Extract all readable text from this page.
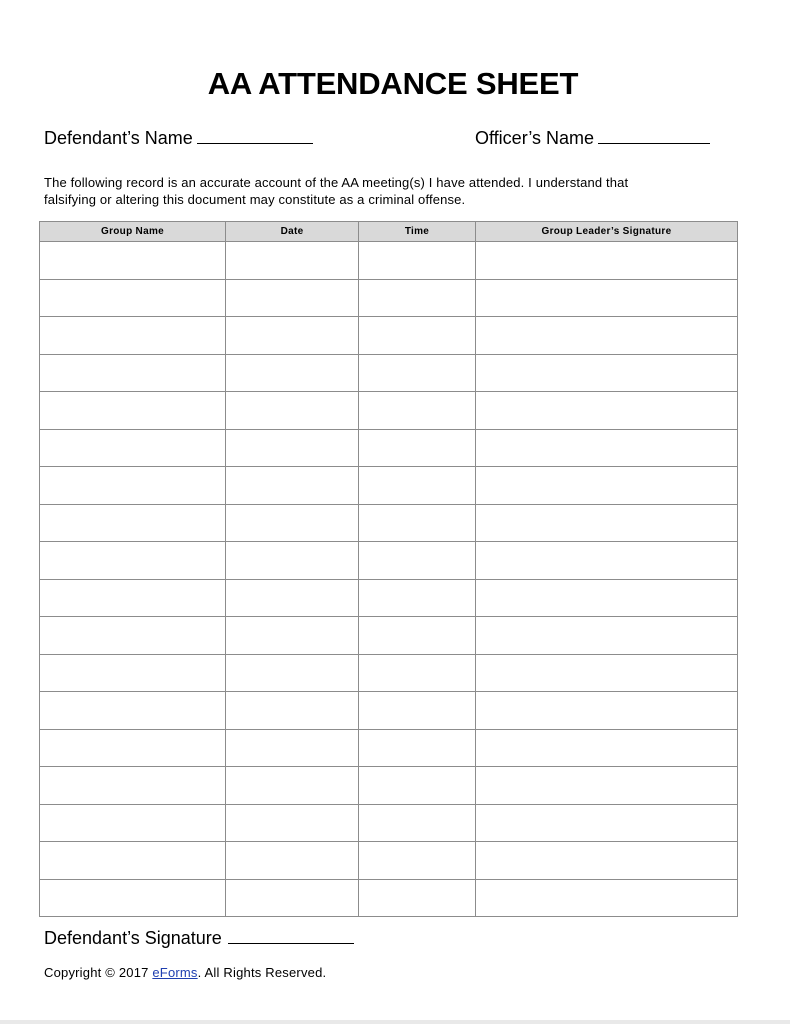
AA ATTENDANCE SHEET
Defendant’s Name	Officer’s Name

The following record is an accurate account of the AA meeting(s) I have attended. I understand that
falsifying or altering this document may constitute as a criminal offense.

Group Name	Date	Time	Group Leader’s Signature

Defendant’s Signature
Copyright © 2017 eForms. All Rights Reserved.
